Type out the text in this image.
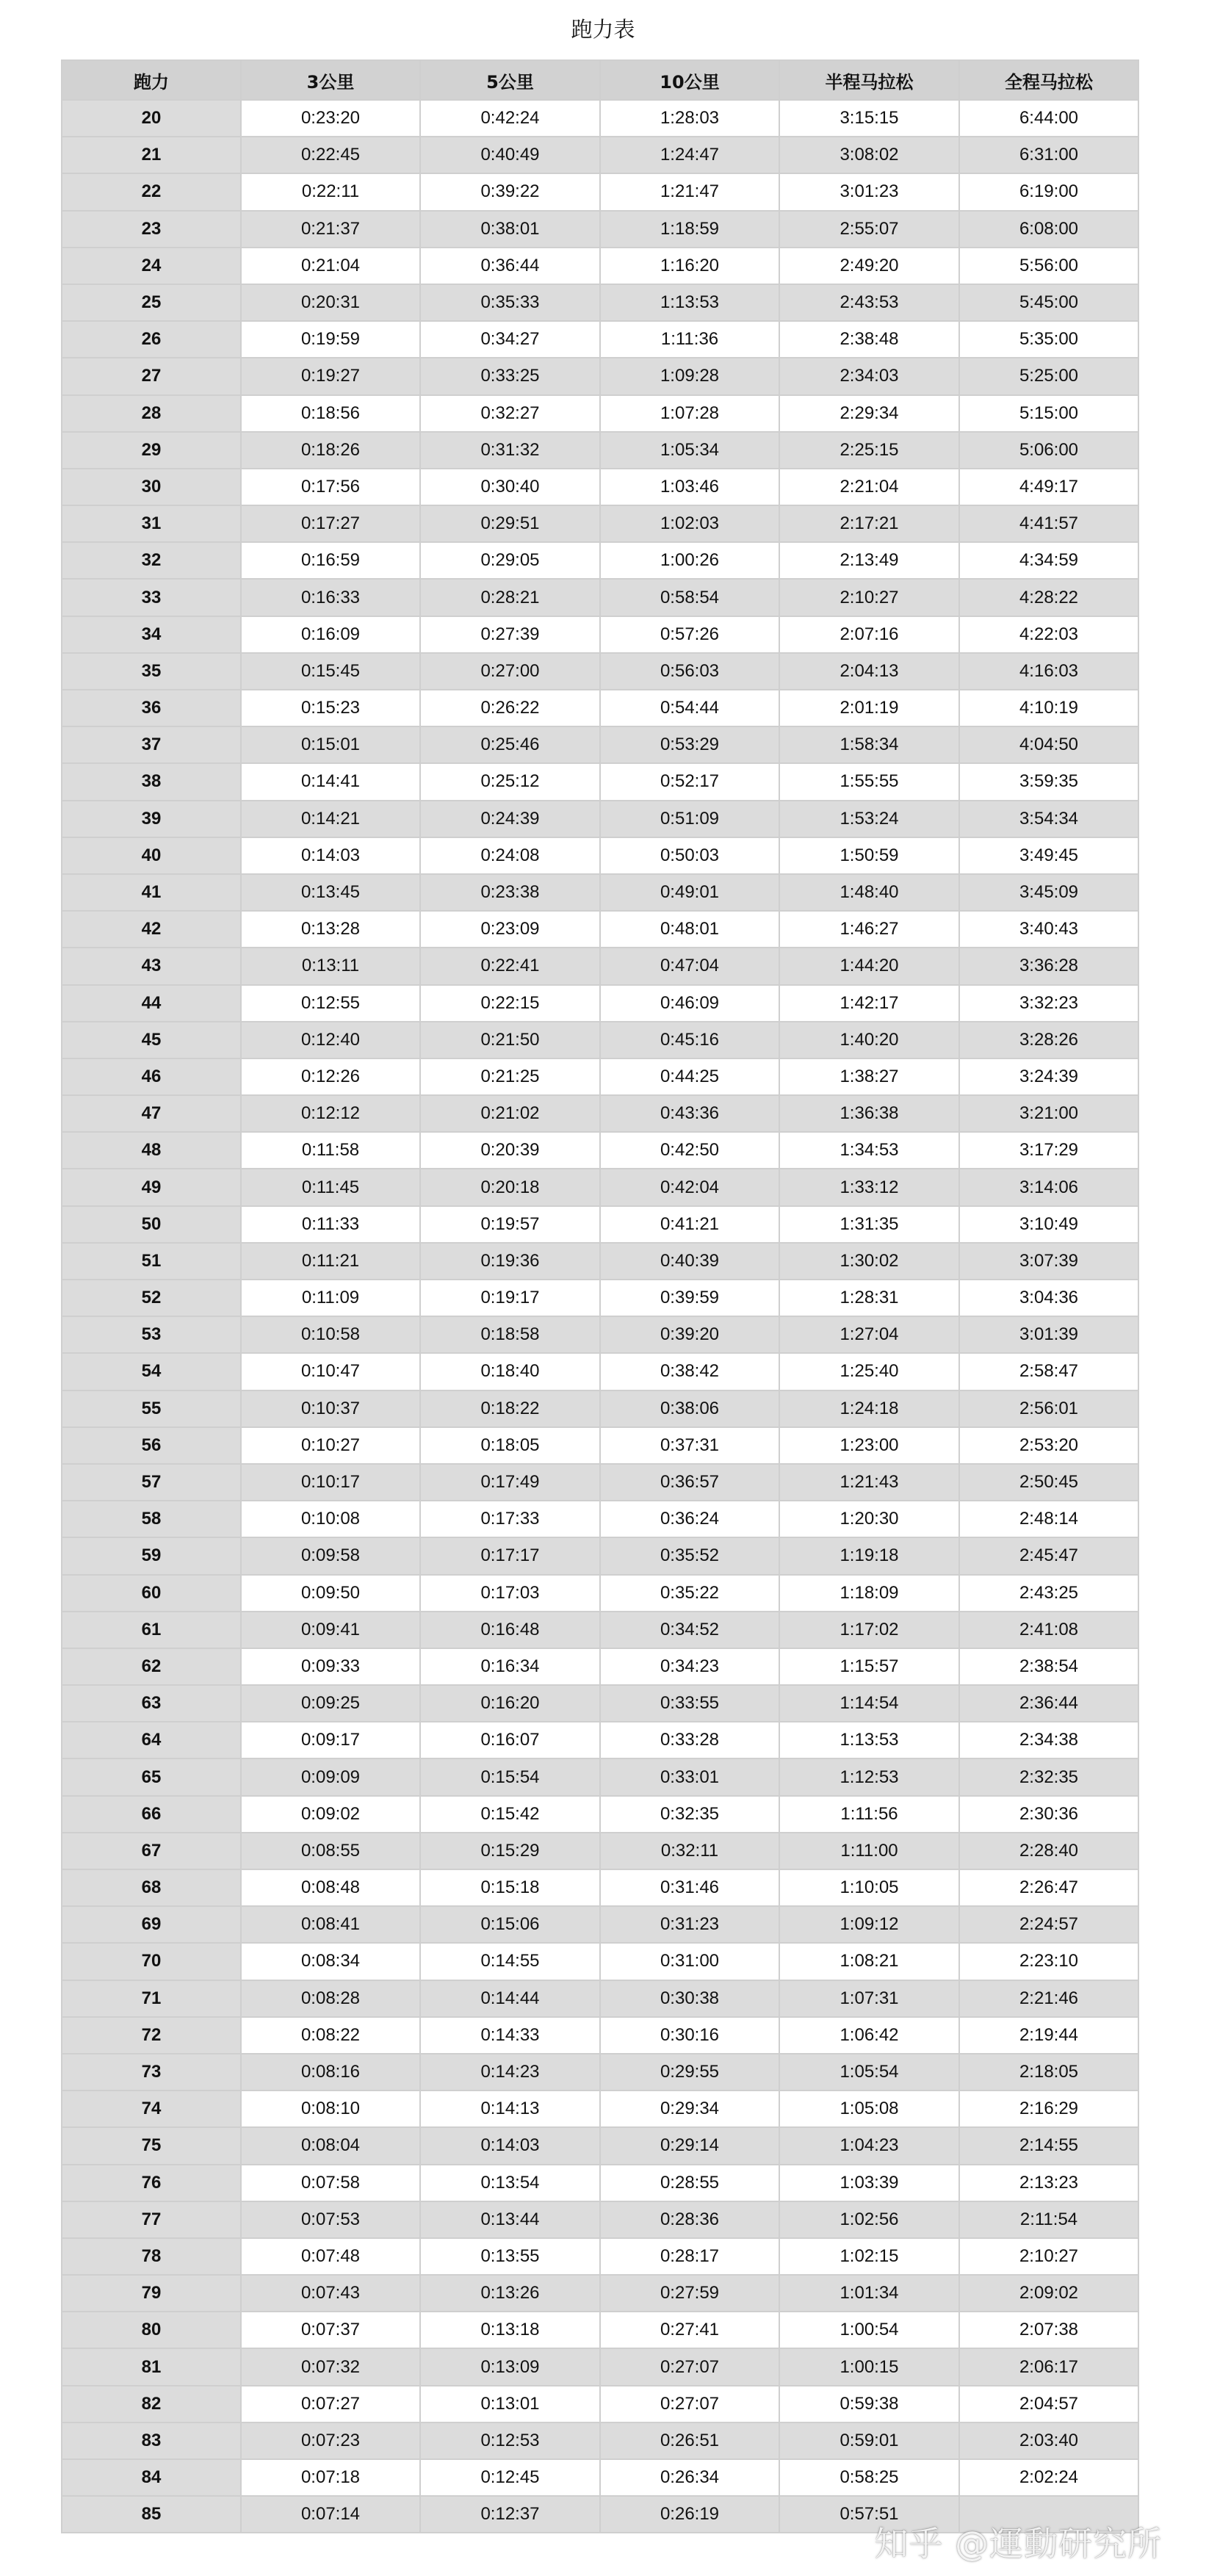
跑力表
跑力	3公里	5公里	10公里	半程马拉松	全程马拉松
20	0:23:20	0:42:24	1:28:03	3:15:15	6:44:00
21	0:22:45	0:40:49	1:24:47	3:08:02	6:31:00
22	0:22:11	0:39:22	1:21:47	3:01:23	6:19:00
23	0:21:37	0:38:01	1:18:59	2:55:07	6:08:00
24	0:21:04	0:36:44	1:16:20	2:49:20	5:56:00
25	0:20:31	0:35:33	1:13:53	2:43:53	5:45:00
26	0:19:59	0:34:27	1:11:36	2:38:48	5:35:00
27	0:19:27	0:33:25	1:09:28	2:34:03	5:25:00
28	0:18:56	0:32:27	1:07:28	2:29:34	5:15:00
29	0:18:26	0:31:32	1:05:34	2:25:15	5:06:00
30	0:17:56	0:30:40	1:03:46	2:21:04	4:49:17
31	0:17:27	0:29:51	1:02:03	2:17:21	4:41:57
32	0:16:59	0:29:05	1:00:26	2:13:49	4:34:59
33	0:16:33	0:28:21	0:58:54	2:10:27	4:28:22
34	0:16:09	0:27:39	0:57:26	2:07:16	4:22:03
35	0:15:45	0:27:00	0:56:03	2:04:13	4:16:03
36	0:15:23	0:26:22	0:54:44	2:01:19	4:10:19
37	0:15:01	0:25:46	0:53:29	1:58:34	4:04:50
38	0:14:41	0:25:12	0:52:17	1:55:55	3:59:35
39	0:14:21	0:24:39	0:51:09	1:53:24	3:54:34
40	0:14:03	0:24:08	0:50:03	1:50:59	3:49:45
41	0:13:45	0:23:38	0:49:01	1:48:40	3:45:09
42	0:13:28	0:23:09	0:48:01	1:46:27	3:40:43
43	0:13:11	0:22:41	0:47:04	1:44:20	3:36:28
44	0:12:55	0:22:15	0:46:09	1:42:17	3:32:23
45	0:12:40	0:21:50	0:45:16	1:40:20	3:28:26
46	0:12:26	0:21:25	0:44:25	1:38:27	3:24:39
47	0:12:12	0:21:02	0:43:36	1:36:38	3:21:00
48	0:11:58	0:20:39	0:42:50	1:34:53	3:17:29
49	0:11:45	0:20:18	0:42:04	1:33:12	3:14:06
50	0:11:33	0:19:57	0:41:21	1:31:35	3:10:49
51	0:11:21	0:19:36	0:40:39	1:30:02	3:07:39
52	0:11:09	0:19:17	0:39:59	1:28:31	3:04:36
53	0:10:58	0:18:58	0:39:20	1:27:04	3:01:39
54	0:10:47	0:18:40	0:38:42	1:25:40	2:58:47
55	0:10:37	0:18:22	0:38:06	1:24:18	2:56:01
56	0:10:27	0:18:05	0:37:31	1:23:00	2:53:20
57	0:10:17	0:17:49	0:36:57	1:21:43	2:50:45
58	0:10:08	0:17:33	0:36:24	1:20:30	2:48:14
59	0:09:58	0:17:17	0:35:52	1:19:18	2:45:47
60	0:09:50	0:17:03	0:35:22	1:18:09	2:43:25
61	0:09:41	0:16:48	0:34:52	1:17:02	2:41:08
62	0:09:33	0:16:34	0:34:23	1:15:57	2:38:54
63	0:09:25	0:16:20	0:33:55	1:14:54	2:36:44
64	0:09:17	0:16:07	0:33:28	1:13:53	2:34:38
65	0:09:09	0:15:54	0:33:01	1:12:53	2:32:35
66	0:09:02	0:15:42	0:32:35	1:11:56	2:30:36
67	0:08:55	0:15:29	0:32:11	1:11:00	2:28:40
68	0:08:48	0:15:18	0:31:46	1:10:05	2:26:47
69	0:08:41	0:15:06	0:31:23	1:09:12	2:24:57
70	0:08:34	0:14:55	0:31:00	1:08:21	2:23:10
71	0:08:28	0:14:44	0:30:38	1:07:31	2:21:46
72	0:08:22	0:14:33	0:30:16	1:06:42	2:19:44
73	0:08:16	0:14:23	0:29:55	1:05:54	2:18:05
74	0:08:10	0:14:13	0:29:34	1:05:08	2:16:29
75	0:08:04	0:14:03	0:29:14	1:04:23	2:14:55
76	0:07:58	0:13:54	0:28:55	1:03:39	2:13:23
77	0:07:53	0:13:44	0:28:36	1:02:56	2:11:54
78	0:07:48	0:13:55	0:28:17	1:02:15	2:10:27
79	0:07:43	0:13:26	0:27:59	1:01:34	2:09:02
80	0:07:37	0:13:18	0:27:41	1:00:54	2:07:38
81	0:07:32	0:13:09	0:27:07	1:00:15	2:06:17
82	0:07:27	0:13:01	0:27:07	0:59:38	2:04:57
83	0:07:23	0:12:53	0:26:51	0:59:01	2:03:40
84	0:07:18	0:12:45	0:26:34	0:58:25	2:02:24
85	0:07:14	0:12:37	0:26:19	0:57:51	
知乎 @運動研究所
